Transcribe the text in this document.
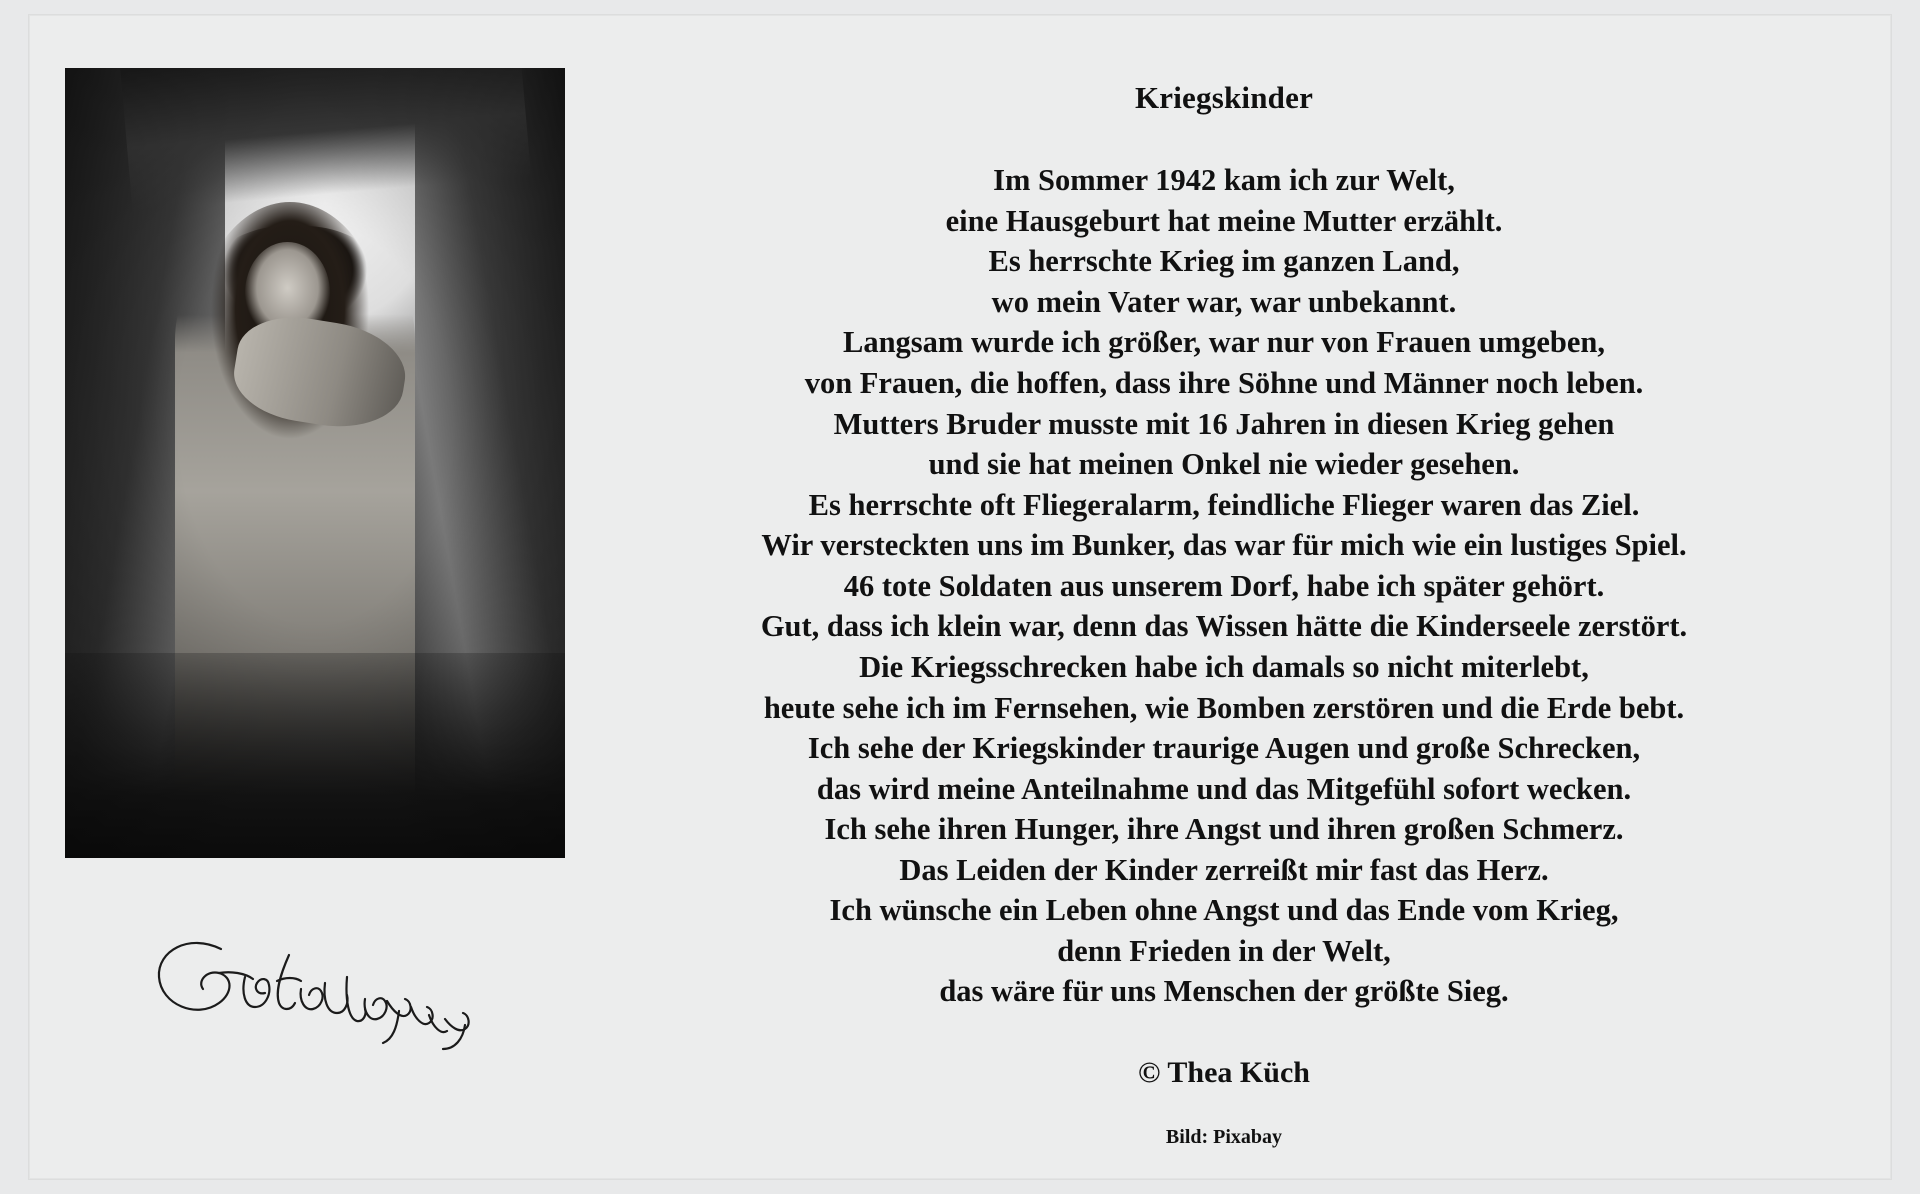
Kriegskinder
Im Sommer 1942 kam ich zur Welt,
eine Hausgeburt hat meine Mutter erzählt.
Es herrschte Krieg im ganzen Land,
wo mein Vater war, war unbekannt.
Langsam wurde ich größer, war nur von Frauen umgeben,
von Frauen, die hoffen, dass ihre Söhne und Männer noch leben.
Mutters Bruder musste mit 16 Jahren in diesen Krieg gehen
und sie hat meinen Onkel nie wieder gesehen.
Es herrschte oft Fliegeralarm, feindliche Flieger waren das Ziel.
Wir versteckten uns im Bunker, das war für mich wie ein lustiges Spiel.
46 tote Soldaten aus unserem Dorf, habe ich später gehört.
Gut, dass ich klein war, denn das Wissen hätte die Kinderseele zerstört.
Die Kriegsschrecken habe ich damals so nicht miterlebt,
heute sehe ich im Fernsehen, wie Bomben zerstören und die Erde bebt.
Ich sehe der Kriegskinder traurige Augen und große Schrecken,
das wird meine Anteilnahme und das Mitgefühl sofort wecken.
Ich sehe ihren Hunger, ihre Angst und ihren großen Schmerz.
Das Leiden der Kinder zerreißt mir fast das Herz.
Ich wünsche ein Leben ohne Angst und das Ende vom Krieg,
denn Frieden in der Welt,
das wäre für uns Menschen der größte Sieg.
© Thea Küch
Bild: Pixabay
